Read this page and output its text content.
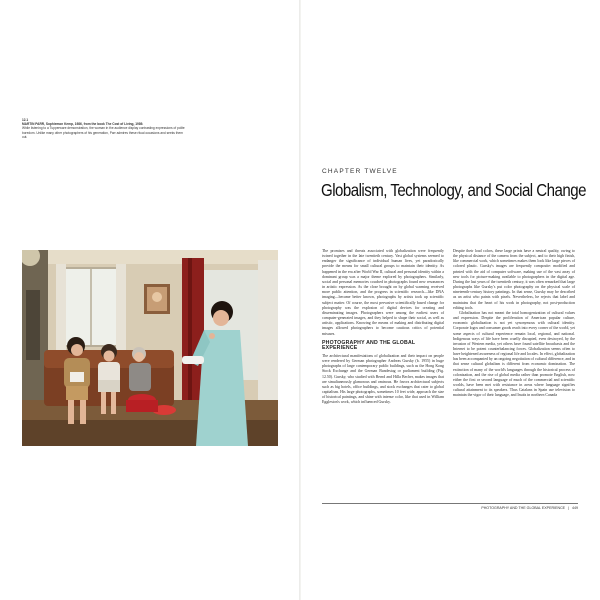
12.1
MARTIN PARR, Sophiemon Kemp, 1986, from the book The Cost of Living, 1989.
While listening to a Tupperware demonstration, the woman in the audience display contrasting expressions of polite boredom. Unlike many other photographers of his generation, Parr admires these ritual occasions and seeks them out.
CHAPTER TWELVE
Globalism, Technology, and Social Change

The promises and threats associated with globalization were frequently twined together in the late twentieth century. Vast global systems seemed to endanger the significance of individual human lives, yet paradoxically provide the means for small cultural groups to maintain their identity. As happened in the era after World War II, cultural and personal identity within a dominant group was a major theme explored by photographers. Similarly, social and personal memories couched in photographs found new resonances in artistic expression. As the close brought on by global warming received more public attention, and the progress in scientific research—like DNA imaging—became better known, photographs by artists took up scientific subject matter. Of course, the most pervasive scientifically based change for photography was the explosion of digital devices for creating and disseminating images. Photographers were among the earliest users of computer-generated images, and they helped to shape their social, as well as artistic, applications. Knowing the means of making and distributing digital images allowed photographers to become cautious critics of potential misuses.

PHOTOGRAPHY AND THE GLOBAL EXPERIENCE

The architectural manifestations of globalization and their impact on people were rendered by German photographer Andreas Gursky (b. 1955) in huge photographs of large contemporary public buildings, such as the Hong Kong Stock Exchange and the German Bundestag or parliament building (Fig. 12.50). Gursky, who studied with Bernd and Hilla Becher, makes images that are simultaneously glamorous and ominous. He favors architectural subjects such as big hotels, office buildings, and stock exchanges that cater to global capitalism. His large photographs, sometimes 10 feet wide, approach the size of historical paintings, and shine with intense color, like that used in William Eggleston's work, which influenced Gursky.

Despite their load colors, these large prints have a neutral quality, owing to the physical distance of the camera from the subject, and to their high finish, like commercial work, which sometimes makes them look like large pieces of colored plastic. Gursky's images are frequently composite: modified and printed with the aid of computer software, making use of the vast array of new tools for picture-making available to photographers in the digital age. During the last years of the twentieth century, it was often remarked that large photographs like Gursky's put color photography on the physical scale of nineteenth-century history paintings. In that sense, Gursky may be described as an artist who paints with pixels. Nevertheless, he rejects that label and maintains that the heart of his work in photography, not post-production editing tools.

Globalization has not meant the total homogenization of cultural values and expression. Despite the proliferation of American popular culture, economic globalization is not yet synonymous with cultural identity. Corporate logos and consumer goods reach into every corner of the world, yet some aspects of cultural experience remain local, regional, and national. Indigenous ways of life have been cruelly disrupted, even destroyed, by the invasion of Western media, yet others have found satellite broadcasts and the Internet to be potent counterbalancing forces. Globalization seems often to have heightened awareness of regional life and locales. In effect, globalization has been accompanied by an ongoing negotiation of cultural difference, and in that sense cultural globalism is different from economic domination. The extinction of many of the world's languages through the historical process of colonization, and the rise of global media rather than promote English, now either the first or second language of much of the commercial and scientific worlds, have been met with resistance in areas where language signifies cultural attainment to its speakers. Thus Catalans in Spain use television to maintain the vigor of their language, and Inuits in northern Canada

PHOTOGRAPHY AND THE GLOBAL EXPERIENCE | 449
